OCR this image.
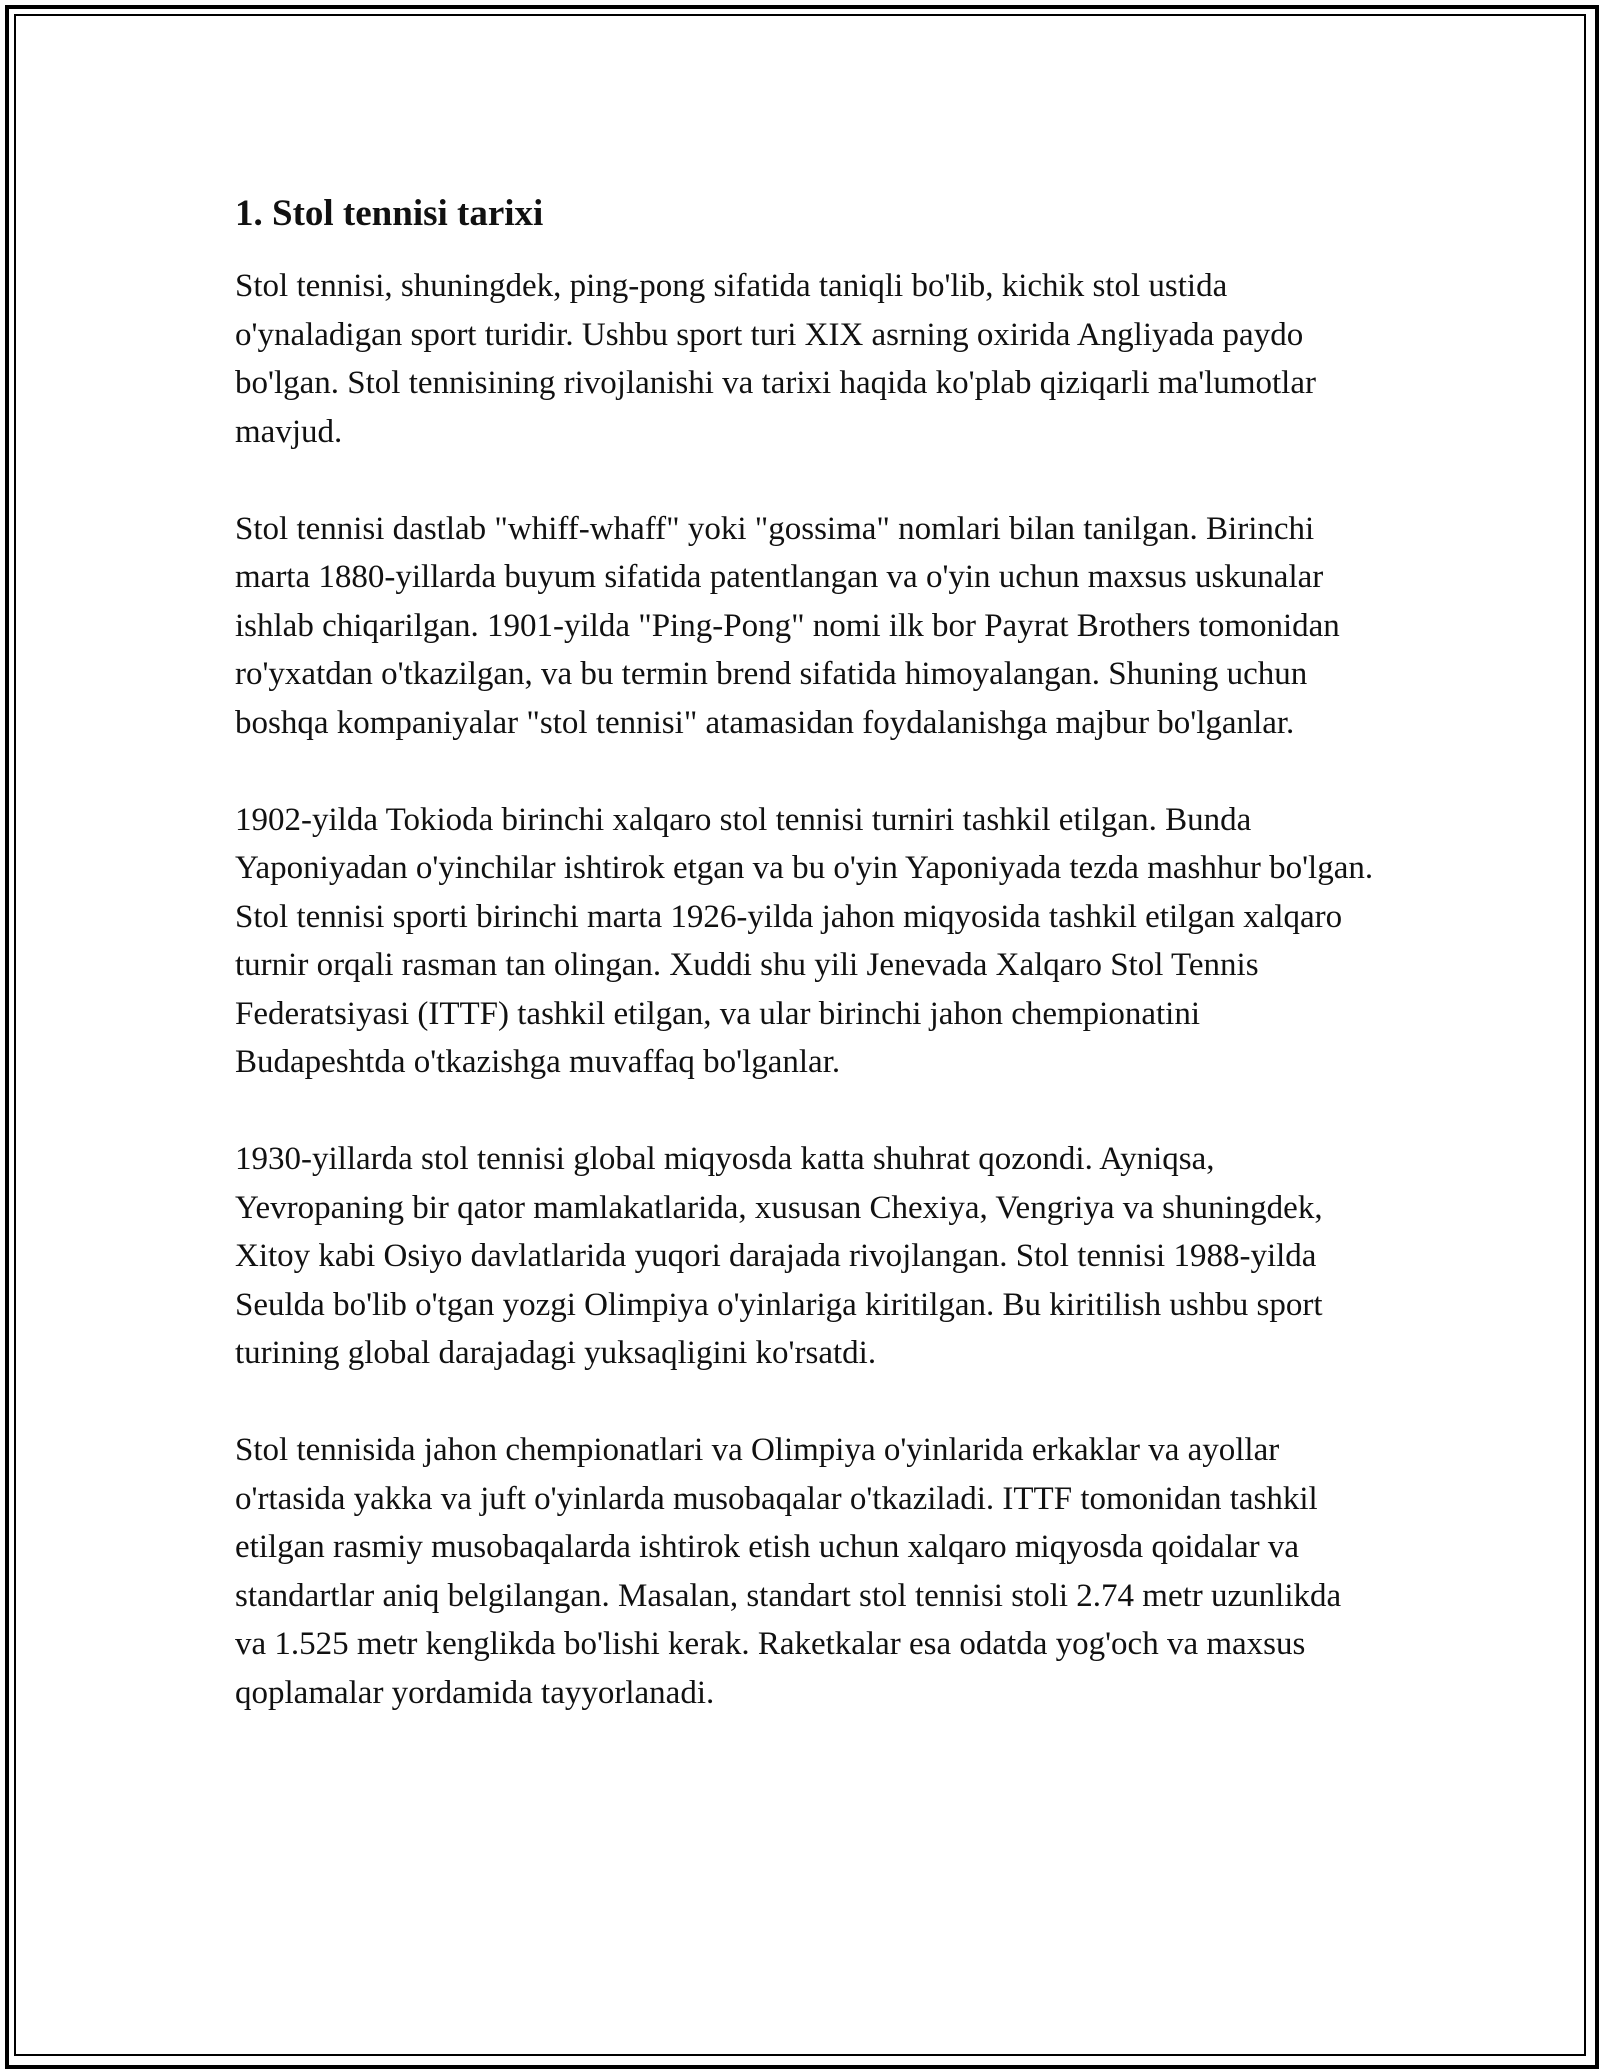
1. Stol tennisi tarixi

Stol tennisi, shuningdek, ping-pong sifatida taniqli bo'lib, kichik stol ustida o'ynaladigan sport turidir. Ushbu sport turi XIX asrning oxirida Angliyada paydo bo'lgan. Stol tennisining rivojlanishi va tarixi haqida ko'plab qiziqarli ma'lumotlar mavjud.

Stol tennisi dastlab "whiff-whaff" yoki "gossima" nomlari bilan tanilgan. Birinchi marta 1880-yillarda buyum sifatida patentlangan va o'yin uchun maxsus uskunalar ishlab chiqarilgan. 1901-yilda "Ping-Pong" nomi ilk bor Payrat Brothers tomonidan ro'yxatdan o'tkazilgan, va bu termin brend sifatida himoyalangan. Shuning uchun boshqa kompaniyalar "stol tennisi" atamasidan foydalanishga majbur bo'lganlar.

1902-yilda Tokioda birinchi xalqaro stol tennisi turniri tashkil etilgan. Bunda Yaponiyadan o'yinchilar ishtirok etgan va bu o'yin Yaponiyada tezda mashhur bo'lgan. Stol tennisi sporti birinchi marta 1926-yilda jahon miqyosida tashkil etilgan xalqaro turnir orqali rasman tan olingan. Xuddi shu yili Jenevada Xalqaro Stol Tennis Federatsiyasi (ITTF) tashkil etilgan, va ular birinchi jahon chempionatini Budapeshtda o'tkazishga muvaffaq bo'lganlar.

1930-yillarda stol tennisi global miqyosda katta shuhrat qozondi. Ayniqsa, Yevropaning bir qator mamlakatlarida, xususan Chexiya, Vengriya va shuningdek, Xitoy kabi Osiyo davlatlarida yuqori darajada rivojlangan. Stol tennisi 1988-yilda Seulda bo'lib o'tgan yozgi Olimpiya o'yinlariga kiritilgan. Bu kiritilish ushbu sport turining global darajadagi yuksaqligini ko'rsatdi.

Stol tennisida jahon chempionatlari va Olimpiya o'yinlarida erkaklar va ayollar o'rtasida yakka va juft o'yinlarda musobaqalar o'tkaziladi. ITTF tomonidan tashkil etilgan rasmiy musobaqalarda ishtirok etish uchun xalqaro miqyosda qoidalar va standartlar aniq belgilangan. Masalan, standart stol tennisi stoli 2.74 metr uzunlikda va 1.525 metr kenglikda bo'lishi kerak. Raketkalar esa odatda yog'och va maxsus qoplamalar yordamida tayyorlanadi.
